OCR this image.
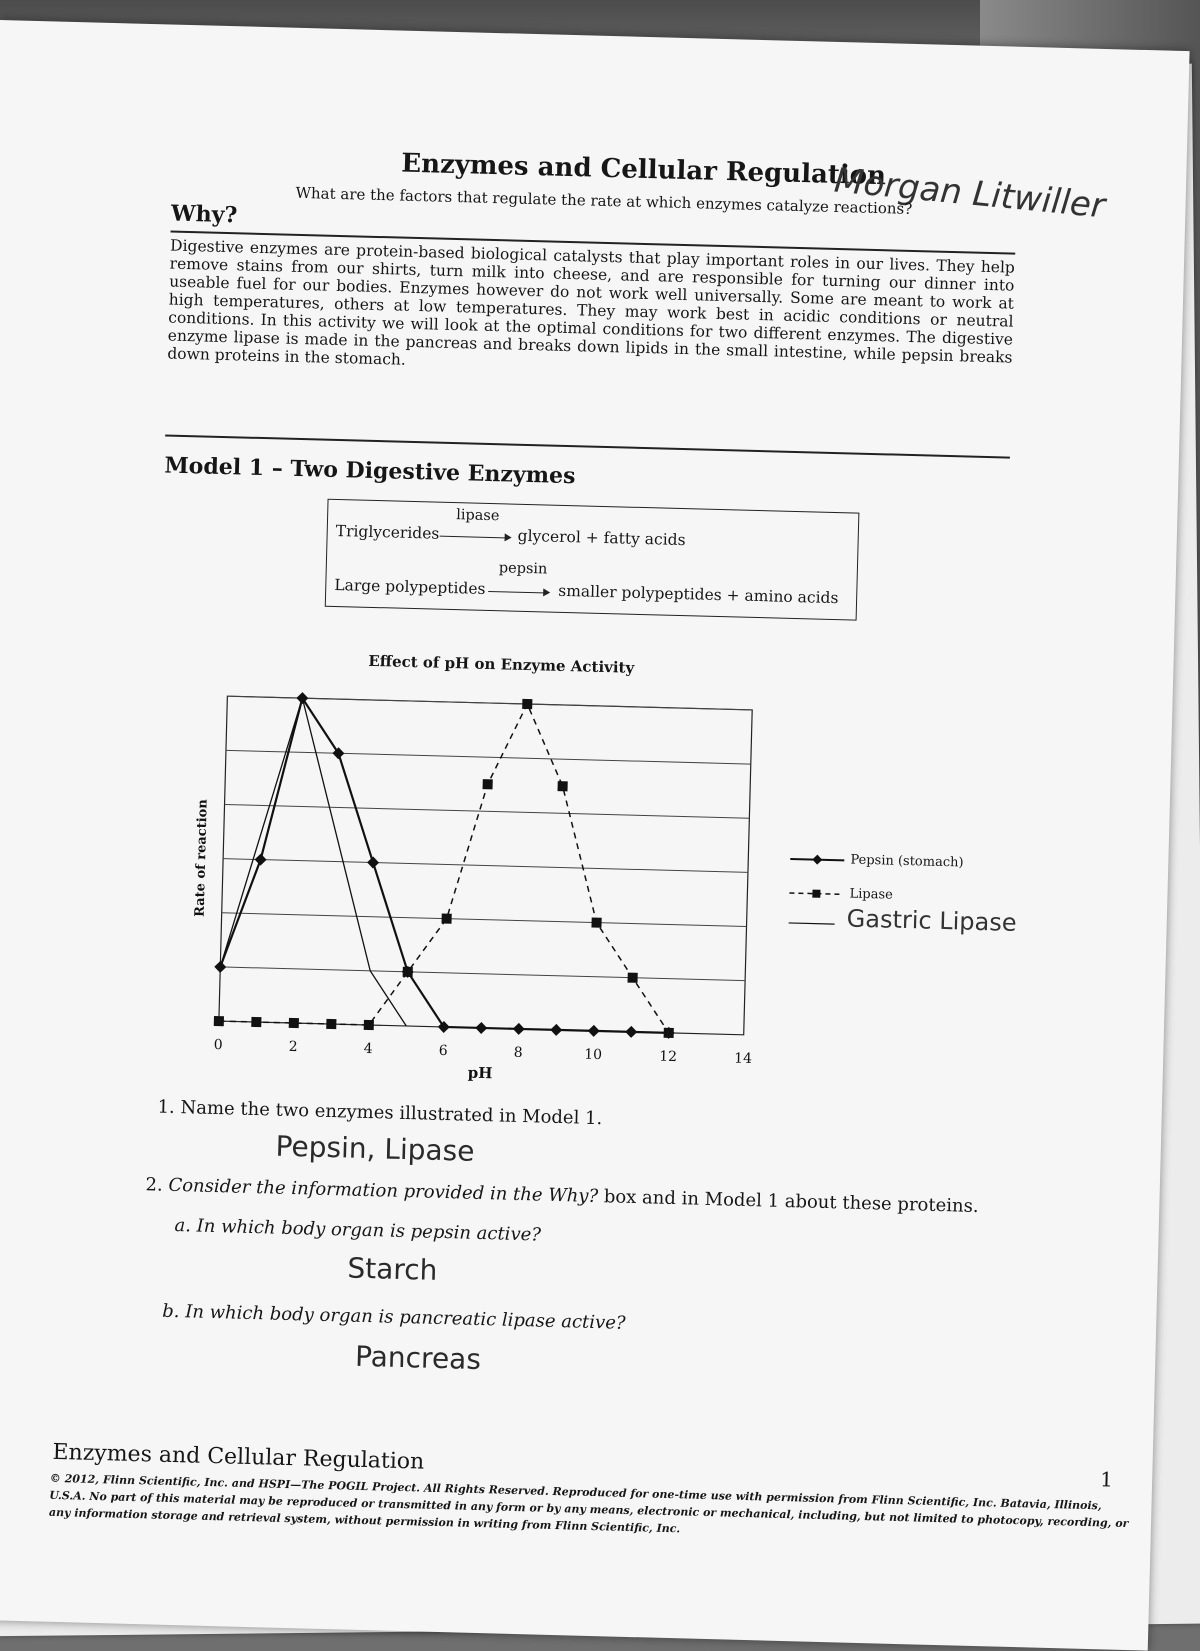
Enzymes and Cellular Regulation
Morgan Litwiller
What are the factors that regulate the rate at which enzymes catalyze reactions?
Why?
Digestive enzymes are protein-based biological catalysts that play important roles in our lives. They help remove stains from our shirts, turn milk into cheese, and are responsible for turning our dinner into useable fuel for our bodies. Enzymes however do not work well universally. Some are meant to work at high temperatures, others at low temperatures. They may work best in acidic conditions or neutral conditions. In this activity we will look at the optimal conditions for two different enzymes. The digestive enzyme lipase is made in the pancreas and breaks down lipids in the small intestine, while pepsin breaks down proteins in the stomach.
Model 1 – Two Digestive Enzymes
lipase
Triglycerides	glycerol + fatty acids
pepsin
Large polypeptides	smaller polypeptides + amino acids
Effect of pH on Enzyme Activity
0	2	4	6	8	10	12	14
pH
Rate of reaction	Pepsin (stomach)
Lipase
Gastric Lipase
1. Name the two enzymes illustrated in Model 1.
Pepsin, Lipase
2. Consider the information provided in the Why? box and in Model 1 about these proteins.
a. In which body organ is pepsin active?
Starch
b. In which body organ is pancreatic lipase active?
Pancreas
Enzymes and Cellular Regulation
1
© 2012, Flinn Scientific, Inc. and HSPI—The POGIL Project. All Rights Reserved. Reproduced for one-time use with permission from Flinn Scientific, Inc. Batavia, Illinois, U.S.A. No part of this material may be reproduced or transmitted in any form or by any means, electronic or mechanical, including, but not limited to photocopy, recording, or any information storage and retrieval system, without permission in writing from Flinn Scientific, Inc.
